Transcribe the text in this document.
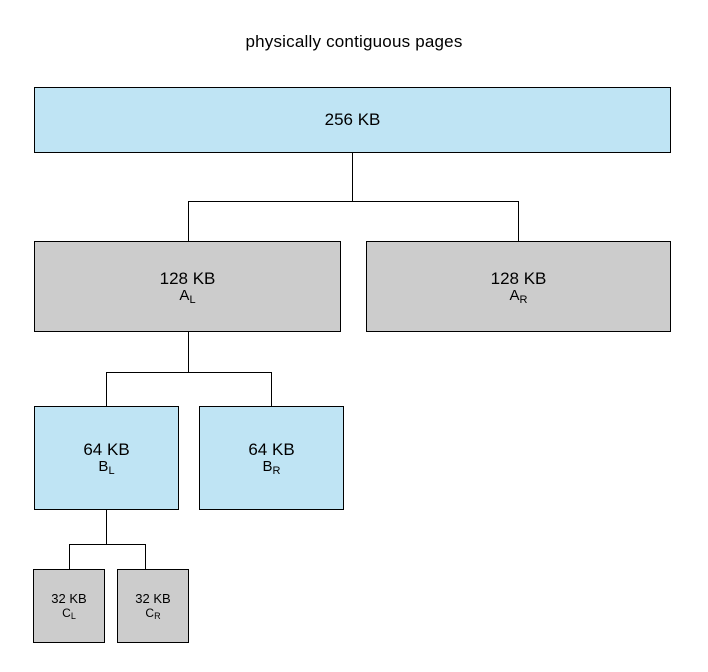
physically contiguous pages
256 KB
128 KB
$A_L$
128 KB
$A_R$
64 KB
$B_L$
64 KB
$B_R$
32 KB
$C_L$
32 KB
$C_R$
